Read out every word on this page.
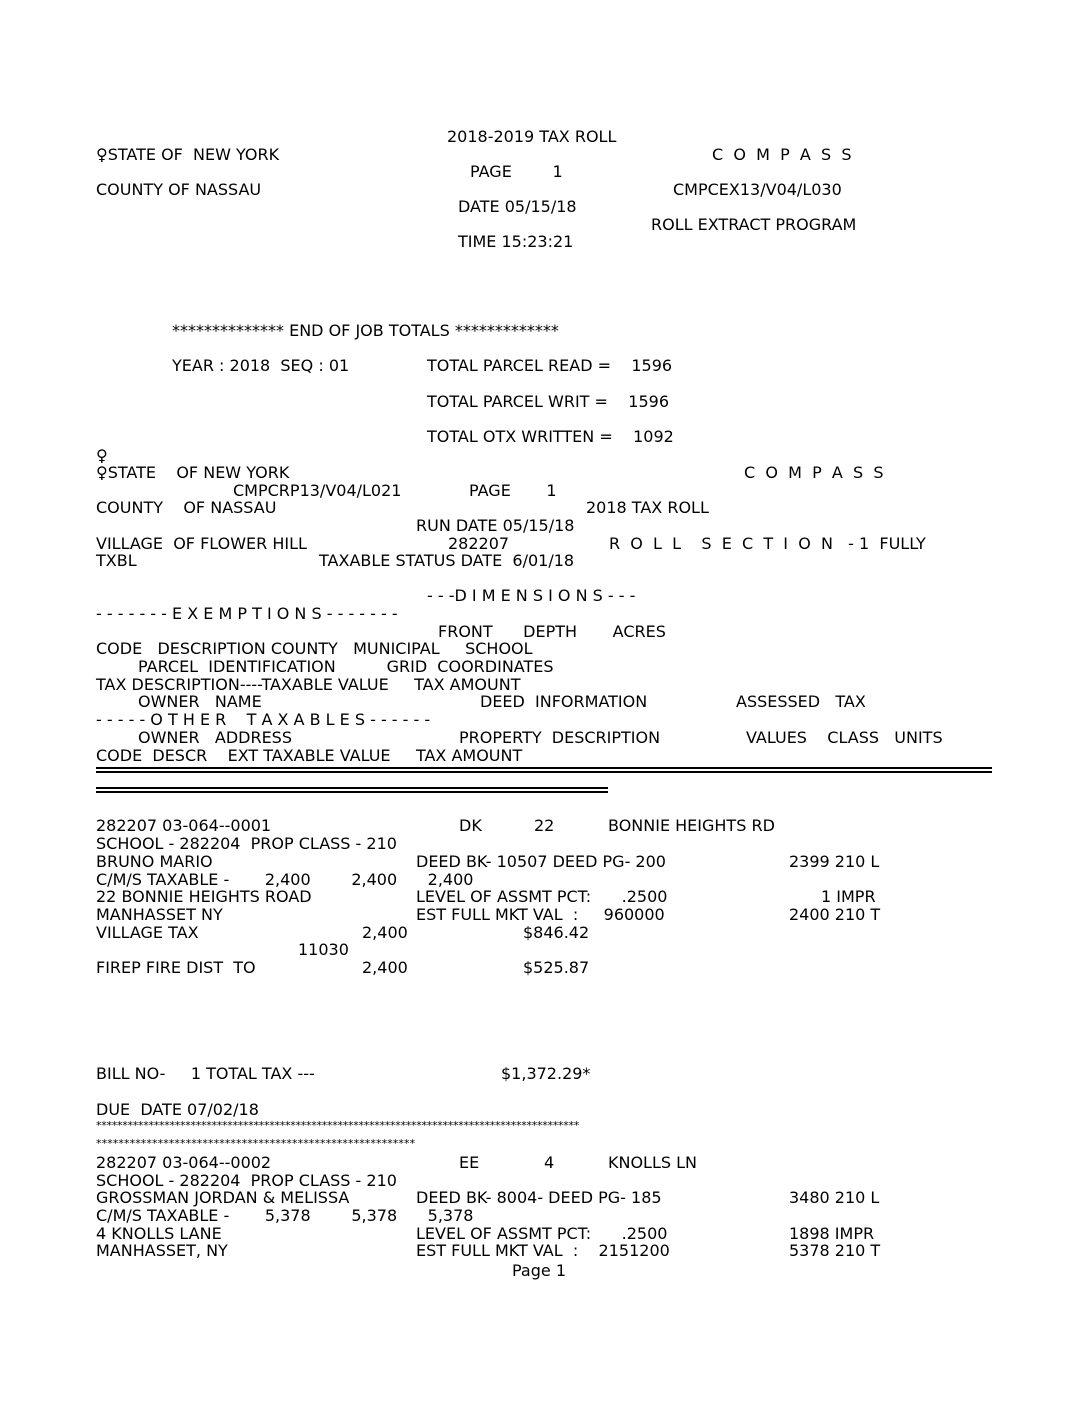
2018-2019 TAX ROLL
♀STATE OF  NEW YORK	C  O  M  P  A  S  S
PAGE        1
COUNTY OF NASSAU	CMPCEX13/V04/L030
DATE 05/15/18
ROLL EXTRACT PROGRAM
TIME 15:23:21
************** END OF JOB TOTALS *************
YEAR : 2018  SEQ : 01	TOTAL PARCEL READ =    1596
TOTAL PARCEL WRIT =    1596
TOTAL OTX WRITTEN =    1092
♀
♀STATE    OF NEW YORK	C  O  M  P  A  S  S
CMPCRP13/V04/L021	PAGE       1
COUNTY    OF NASSAU	2018 TAX ROLL
RUN DATE 05/15/18
VILLAGE  OF FLOWER HILL	282207	R  O  L  L    S  E  C  T  I  O  N   - 1  FULLY
TXBL	TAXABLE STATUS DATE  6/01/18
- - -D I M E N S I O N S - - -
- - - - - - - E X E M P T I O N S - - - - - - -
FRONT      DEPTH       ACRES
CODE   DESCRIPTION COUNTY   MUNICIPAL     SCHOOL
PARCEL  IDENTIFICATION          GRID  COORDINATES
TAX DESCRIPTION----TAXABLE VALUE     TAX AMOUNT
OWNER   NAME	DEED  INFORMATION	ASSESSED   TAX
- - - - - O T H E R    T A X A B L E S - - - - - -
OWNER   ADDRESS	PROPERTY  DESCRIPTION	VALUES    CLASS   UNITS
CODE  DESCR    EXT TAXABLE VALUE     TAX AMOUNT
282207 03-064--0001	DK	22	BONNIE HEIGHTS RD
SCHOOL - 282204  PROP CLASS - 210
BRUNO MARIO	DEED BK- 10507 DEED PG- 200	2399 210 L
C/M/S TAXABLE -       2,400        2,400      2,400
22 BONNIE HEIGHTS ROAD	LEVEL OF ASSMT PCT:      .2500	1 IMPR
MANHASSET NY	EST FULL MKT VAL  :     960000	2400 210 T
VILLAGE TAX	2,400	$846.42
11030
FIREP FIRE DIST  TO	2,400	$525.87
BILL NO-     1 TOTAL TAX ---	$1,372.29*
DUE  DATE 07/02/18
********************************************************************************************
*********************************************************
282207 03-064--0002	EE	4	KNOLLS LN
SCHOOL - 282204  PROP CLASS - 210
GROSSMAN JORDAN & MELISSA	DEED BK- 8004- DEED PG- 185	3480 210 L
C/M/S TAXABLE -       5,378        5,378      5,378
4 KNOLLS LANE	LEVEL OF ASSMT PCT:      .2500	1898 IMPR
MANHASSET, NY	EST FULL MKT VAL  :    2151200	5378 210 T
Page 1
